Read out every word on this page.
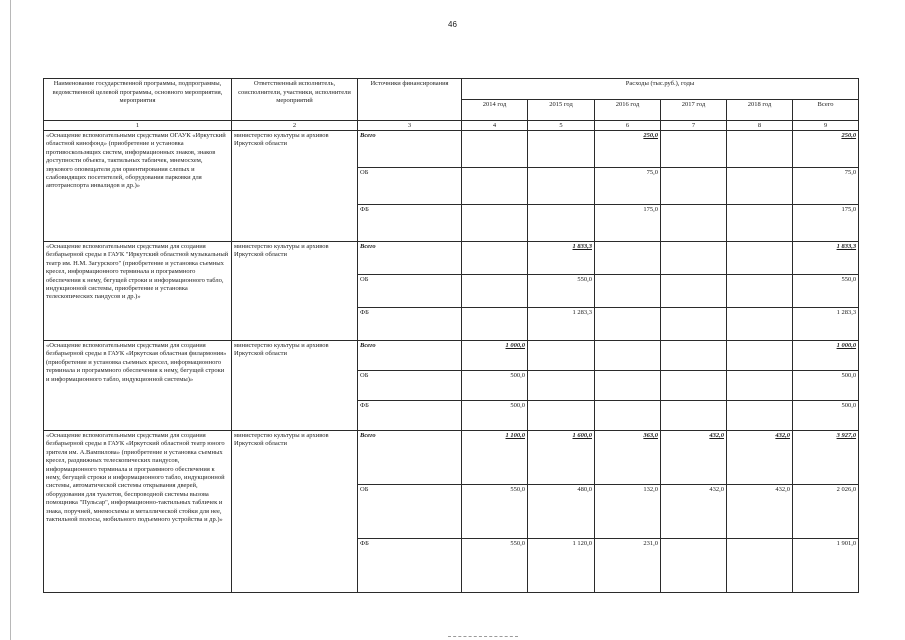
46
Наименование государственной программы, подпрограммы, ведомственной целевой программы, основного мероприятия, мероприятия	Ответственный исполнитель, соисполнители, участники, исполнители мероприятий	Источники финансирования	Расходы (тыс.руб.), годы					
			2014 год	2015 год	2016 год	2017 год	2018 год	Всего
1	2	3	4	5	6	7	8	9
«Оснащение вспомогательными средствами ОГАУК «Иркутский областной кинофонд» (приобретение и установка противоскользящих систем, информационных знаков, знаков доступности объекта, тактильных табличек, мнемосхем, звукового оповещателя для ориентирования слепых и слабовидящих посетителей, оборудования парковки для автотранспорта инвалидов и др.)»	министерство культуры и архивов Иркутской области	Всего			250,0			250,0
		ОБ			75,0			75,0
		ФБ			175,0			175,0
«Оснащение вспомогательными средствами для создания безбарьерной среды в ГАУК "Иркутский областной музыкальный театр им. Н.М. Загурского" (приобретение и установка съемных кресел, информационного терминала и программного обеспечения к нему, бегущей строки и информационного табло, индукционной системы, приобретение и установка телескопических пандусов и др.)»	министерство культуры и архивов Иркутской области	Всего		1 833,3				1 833,3
		ОБ		550,0				550,0
		ФБ		1 283,3				1 283,3
«Оснащение вспомогательными средствами для создания безбарьерной среды в ГАУК «Иркутская областная филармония» (приобретение и установка съемных кресел, информационного терминала и программного обеспечения к нему, бегущей строки и информационного табло, индукционной системы)»	министерство культуры и архивов Иркутской области	Всего	1 000,0					1 000,0
		ОБ	500,0					500,0
		ФБ	500,0					500,0
«Оснащение вспомогательными средствами для создания безбарьерной среды в ГАУК «Иркутский областной театр юного зрителя им. А.Вампилова» (приобретение и установка съемных кресел, раздвижных телескопических пандусов, информационного терминала и программного обеспечения к нему, бегущей строки и информационного табло, индукционной системы, автоматической системы открывания дверей, оборудования для туалетов, беспроводной системы вызова помощника "Пульсар", информационно-тактильных табличек и знака, поручней, мнемосхемы и металлической стойки для нее, тактильной полосы, мобильного подъемного устройства и др.)»	министерство культуры и архивов Иркутской области	Всего	1 100,0	1 600,0	363,0	432,0	432,0	3 927,0
		ОБ	550,0	480,0	132,0	432,0	432,0	2 026,0
		ФБ	550,0	1 120,0	231,0			1 901,0
